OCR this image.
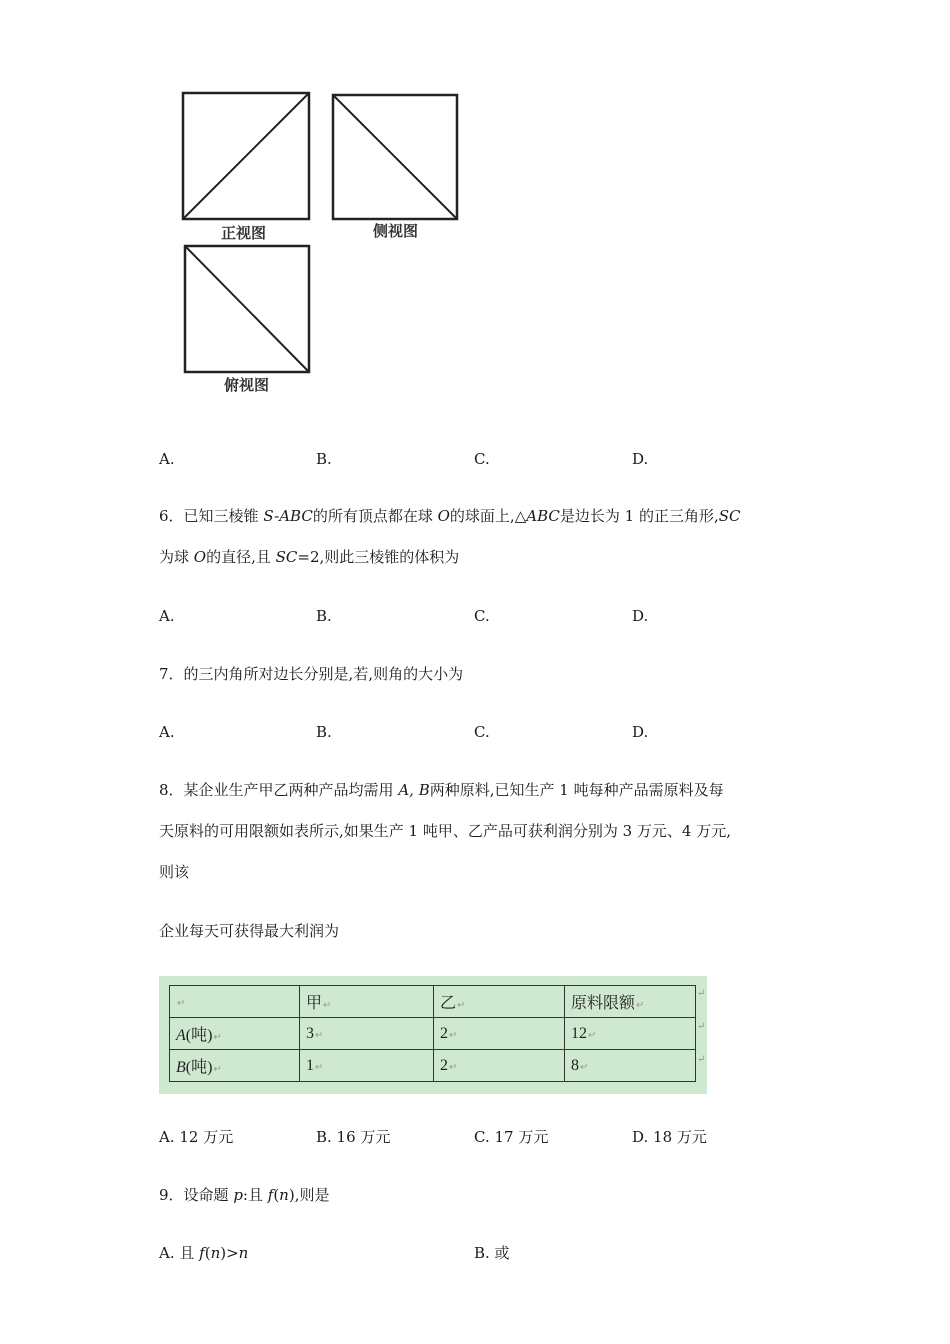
正视图	侧视图
俯视图
A.	B.	C.	D.
6．已知三棱锥 S-ABC的所有顶点都在球 O的球面上,△ABC是边长为 1 的正三角形,SC
为球 O的直径,且 SC=2,则此三棱锥的体积为
A.	B.	C.	D.
7．的三内角所对边长分别是,若,则角的大小为
A.	B.	C.	D.
8．某企业生产甲乙两种产品均需用 A, B两种原料,已知生产 1 吨每种产品需原料及每
天原料的可用限额如表所示,如果生产 1 吨甲、乙产品可获利润分别为 3 万元、4 万元,
则该
企业每天可获得最大利润为
↵	甲↵	乙↵	原料限额↵
A(吨)↵	3↵	2↵	12↵
B(吨)↵	1↵	2↵	8↵
↵
↵
↵
A. 12 万元	B. 16 万元	C. 17 万元	D. 18 万元
9．设命题 p:且 f(n),则是
A. 且 f(n)>n	B. 或
